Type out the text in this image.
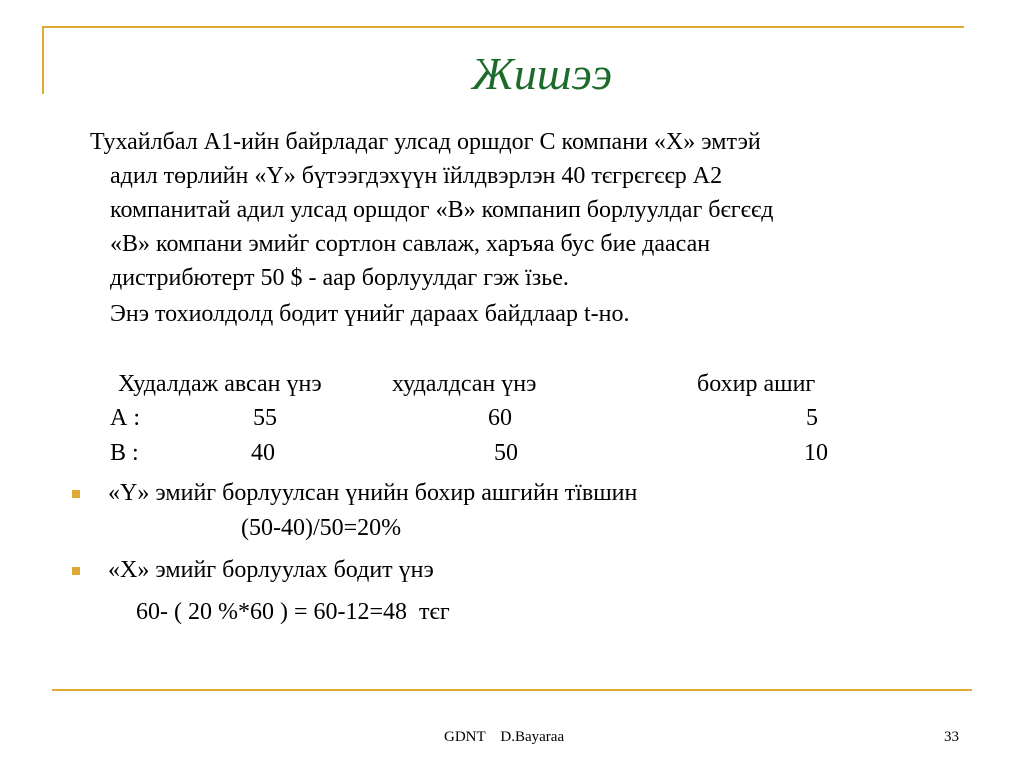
Жишээ
Тухайлбал А1-ийн байрладаг улсад оршдог С компани «Х» эмтэй
адил төрлийн «Y» бүтээгдэхүүн ïйлдвэрлэн 40 тєгрєгєєр А2
компанитай адил улсад оршдог «В» компанип борлуулдаг бєгєєд
«В» компани эмийг сортлон савлаж, харъяа бус бие даасан
дистрибютерт 50 $ - аар борлуулдаг гэж ïзье.
Энэ тохиолдолд бодит үнийг дараах байдлаар t-но.
Худалдаж авсан үнэ	худалдсан үнэ	бохир ашиг
А :	55	60	5
В :	40	50	10
«Y» эмийг борлуулсан үнийн бохир ашгийн тïвшин
(50-40)/50=20%
«Х» эмийг борлуулах бодит үнэ
60- ( 20 %*60 ) = 60-12=48  тєг
GDNT    D.Bayaraa	33
